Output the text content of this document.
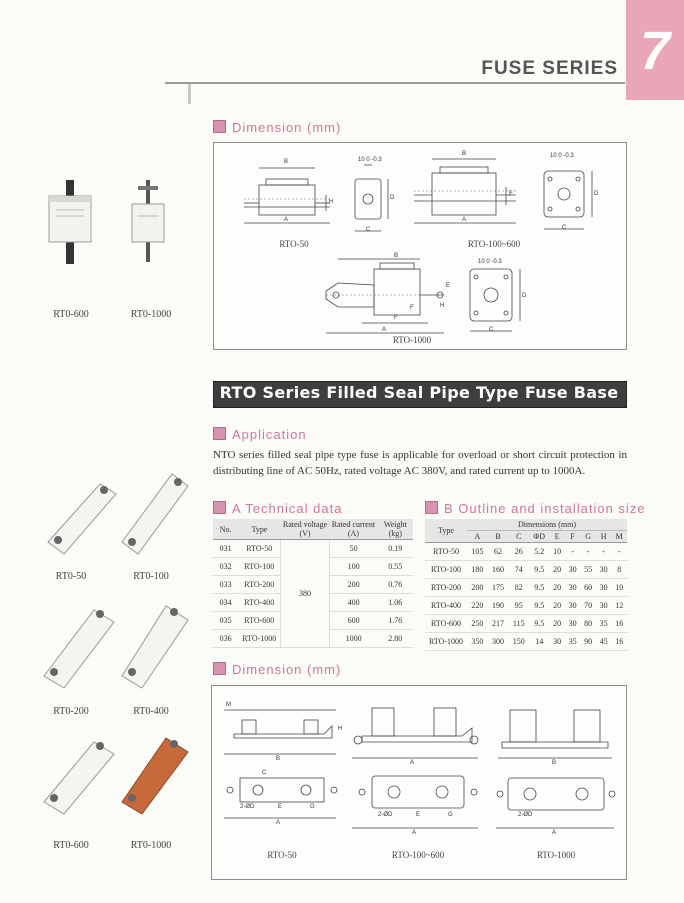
7
FUSE SERIES
Dimension (mm)
B
A
H
D
C
B
A
E	D
C
F
B
A
E
H
F
D
C
10 0 -0.3
10 0 -0.3
10 0 -0.3
RTO-50	RTO-100~600
RTO-1000
RT0-600	RT0-1000
RT0-50	RT0-100
RT0-200	RT0-400
RT0-600	RT0-1000
RTO Series Filled Seal Pipe Type Fuse Base
Application
NTO series filled seal pipe type fuse is applicable for overload or short circuit protection in distributing line of AC 50Hz, rated voltage AC 380V, and rated current up to 1000A.
A Technical data
No.	Type	Rated voltage (V)	Rated current (A)	Weight (kg)
031	RTO-50	380	50	0.19
032	RTO-100		100	0.55
033	RTO-200		200	0.76
034	RTO-400		400	1.06
035	RTO-600		600	1.76
036	RTO-1000		1000	2.80
B Outline and installation size
Type	Dimensions (mm)								
	A	B	C	ΦD	E	F	G	H	M
RTO-50	105	62	26	5.2	10	-	-	-	-
RTO-100	180	160	74	9.5	20	30	55	30	8
RTO-200	200	175	82	9.5	20	30	60	30	10
RTO-400	220	190	95	9.5	20	30	70	30	12
RTO-600	250	217	115	9.5	20	30	80	35	16
RTO-1000	350	300	150	14	30	35	90	45	16
Dimension (mm)
M
B
H
A
G
E
C
2-ØD
A
2-ØD	E	G
A
2-ØD
A
B
RTO-50	RTO-100~600	RTO-1000
